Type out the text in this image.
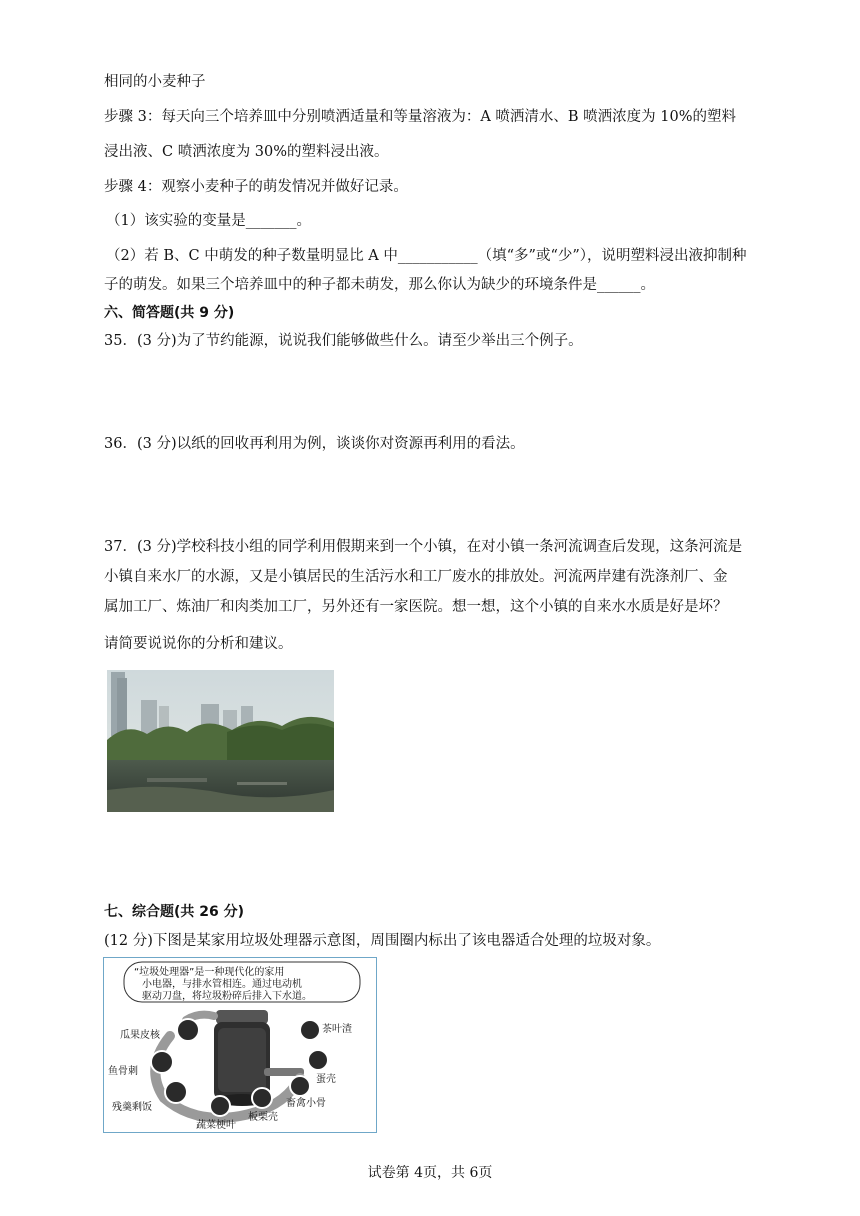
相同的小麦种子
步骤 3：每天向三个培养皿中分别喷洒适量和等量溶液为：A 喷洒清水、B 喷洒浓度为 10%的塑料
浸出液、C 喷洒浓度为 30%的塑料浸出液。
步骤 4：观察小麦种子的萌发情况并做好记录。
（1）该实验的变量是_______。
（2）若 B、C 中萌发的种子数量明显比 A 中___________（填“多”或“少”），说明塑料浸出液抑制种
子的萌发。如果三个培养皿中的种子都未萌发，那么你认为缺少的环境条件是______。
六、简答题(共 9 分)
35．(3 分)为了节约能源，说说我们能够做些什么。请至少举出三个例子。
36．(3 分)以纸的回收再利用为例，谈谈你对资源再利用的看法。
37．(3 分)学校科技小组的同学利用假期来到一个小镇，在对小镇一条河流调查后发现，这条河流是
小镇自来水厂的水源，又是小镇居民的生活污水和工厂废水的排放处。河流两岸建有洗涤剂厂、金
属加工厂、炼油厂和肉类加工厂，另外还有一家医院。想一想，这个小镇的自来水水质是好是坏？
请简要说说你的分析和建议。
七、综合题(共 26 分)
(12 分)下图是某家用垃圾处理器示意图，周围圈内标出了该电器适合处理的垃圾对象。
“垃圾处理器”是一种现代化的家用
小电器，与排水管相连。通过电动机
驱动刀盘，将垃圾粉碎后排入下水道。
瓜果皮核
鱼骨刺
残羹剩饭
蔬菜梗叶
板栗壳
畜禽小骨
蛋壳
茶叶渣
试卷第 4页，共 6页
